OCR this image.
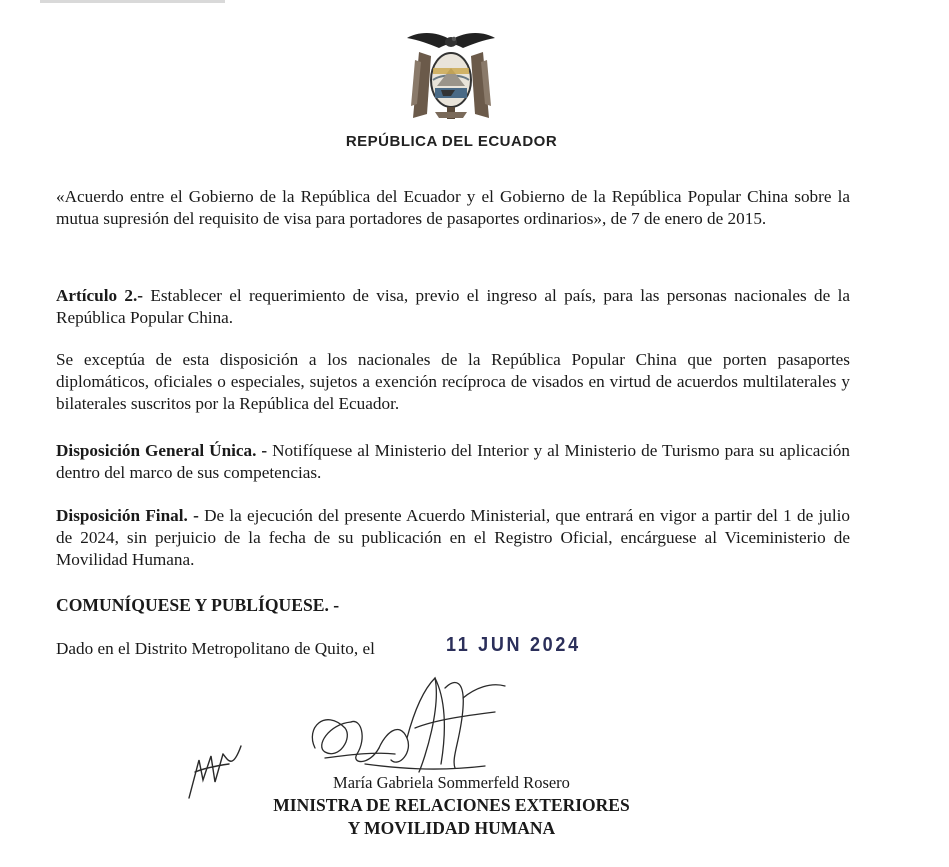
REPÚBLICA DEL ECUADOR

«Acuerdo entre el Gobierno de la República del Ecuador y el Gobierno de la República Popular China sobre la mutua supresión del requisito de visa para portadores de pasaportes ordinarios», de 7 de enero de 2015.

Artículo 2.- Establecer el requerimiento de visa, previo el ingreso al país, para las personas nacionales de la República Popular China.

Se exceptúa de esta disposición a los nacionales de la República Popular China que porten pasaportes diplomáticos, oficiales o especiales, sujetos a exención recíproca de visados en virtud de acuerdos multilaterales y bilaterales suscritos por la República del Ecuador.

Disposición General Única. - Notifíquese al Ministerio del Interior y al Ministerio de Turismo para su aplicación dentro del marco de sus competencias.

Disposición Final. - De la ejecución del presente Acuerdo Ministerial, que entrará en vigor a partir del 1 de julio de 2024, sin perjuicio de la fecha de su publicación en el Registro Oficial, encárguese al Viceministerio de Movilidad Humana.

COMUNÍQUESE Y PUBLÍQUESE. -
Dado en el Distrito Metropolitano de Quito, el	11 JUN 2024
María Gabriela Sommerfeld Rosero
MINISTRA DE RELACIONES EXTERIORES
Y MOVILIDAD HUMANA
